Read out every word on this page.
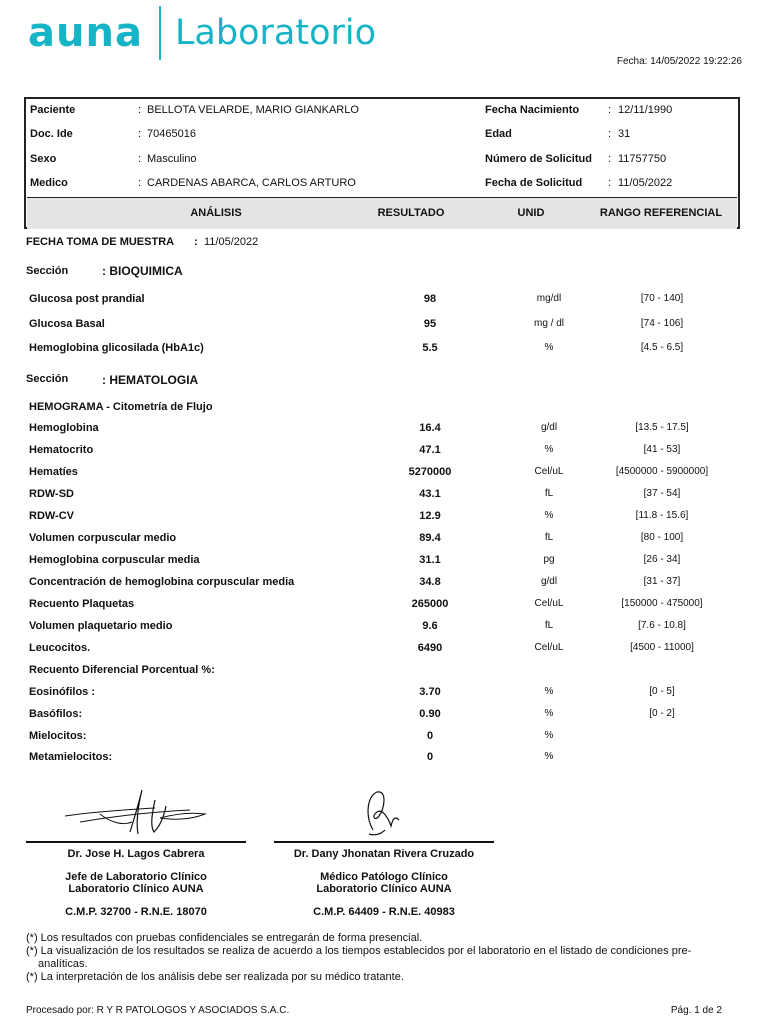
auna Laboratorio
Fecha: 14/05/2022 19:22:26
Paciente	: BELLOTA VELARDE, MARIO GIANKARLO
Doc. Ide	: 70465016
Sexo	: Masculino
Medico	: CARDENAS ABARCA, CARLOS ARTURO
Fecha Nacimiento	: 12/11/1990
Edad	: 31
Número de Solicitud : 11757750
Fecha de Solicitud : 11/05/2022
ANÁLISIS	RESULTADO	UNID	RANGO REFERENCIAL
FECHA TOMA DE MUESTRA : 11/05/2022
Sección	: BIOQUIMICA
Glucosa post prandial	98	mg/dl	[70 - 140]
Glucosa Basal	95	mg / dl	[74 - 106]
Hemoglobina glicosilada (HbA1c)	5.5	%	[4.5 - 6.5]
Sección	: HEMATOLOGIA
HEMOGRAMA - Citometría de Flujo
Hemoglobina	16.4	g/dl	[13.5 - 17.5]
Hematocrito	47.1	%	[41 - 53]
Hematíes	5270000	Cel/uL	[4500000 - 5900000]
RDW-SD	43.1	fL	[37 - 54]
RDW-CV	12.9	%	[11.8 - 15.6]
Volumen corpuscular medio	89.4	fL	[80 - 100]
Hemoglobina corpuscular media	31.1	pg	[26 - 34]
Concentración de hemoglobina corpuscular media	34.8	g/dl	[31 - 37]
Recuento Plaquetas	265000	Cel/uL	[150000 - 475000]
Volumen plaquetario medio	9.6	fL	[7.6 - 10.8]
Leucocitos.	6490	Cel/uL	[4500 - 11000]
Recuento Diferencial Porcentual %:
Eosinófilos :	3.70	%	[0 - 5]
Basófilos:	0.90	%	[0 - 2]
Mielocitos:	0	%
Metamielocitos:	0	%
Dr. Jose H. Lagos Cabrera
Jefe de Laboratorio Clínico
Laboratorio Clínico AUNA
C.M.P. 32700 - R.N.E. 18070
Dr. Dany Jhonatan Rivera Cruzado
Médico Patólogo Clínico
Laboratorio Clínico AUNA
C.M.P. 64409 - R.N.E. 40983
(*) Los resultados con pruebas confidenciales se entregarán de forma presencial.
(*) La visualización de los resultados se realiza de acuerdo a los tiempos establecidos por el laboratorio en el listado de condiciones pre-
analíticas.
(*) La interpretación de los análisis debe ser realizada por su médico tratante.
Procesado por: R Y R PATOLOGOS Y ASOCIADOS S.A.C.	Pág. 1 de 2
